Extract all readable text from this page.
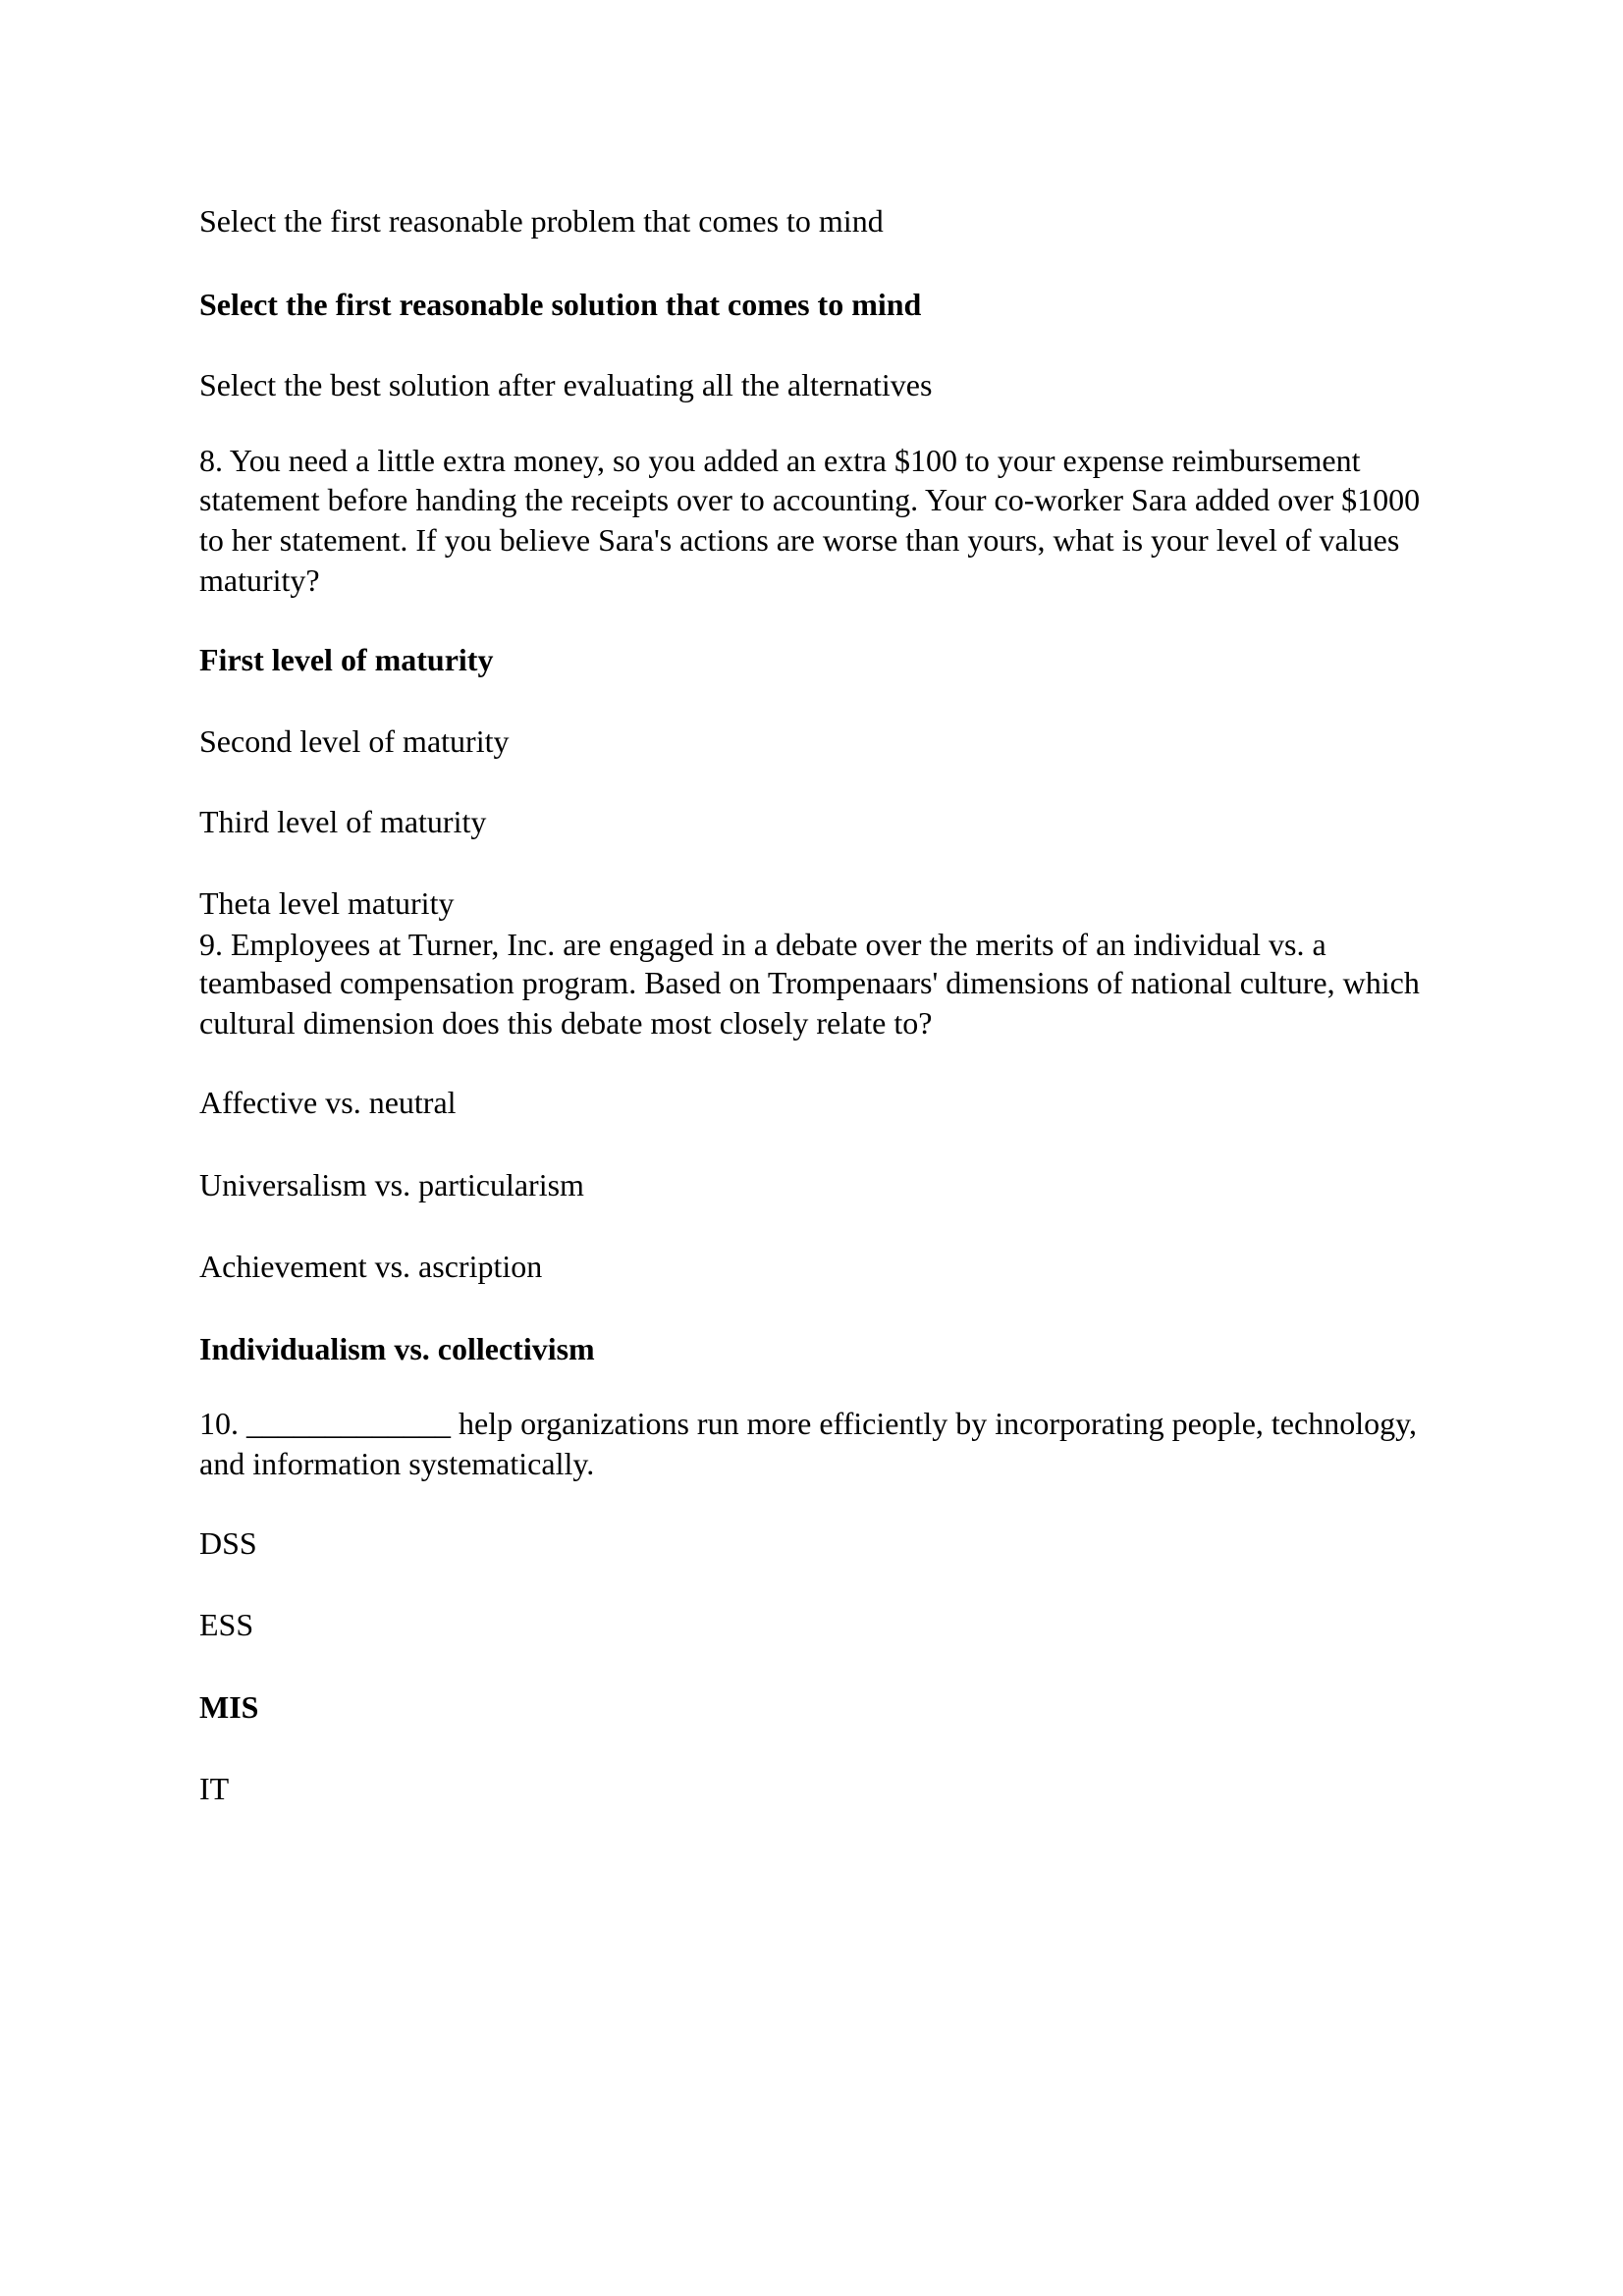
Select the first reasonable problem that comes to mind

Select the first reasonable solution that comes to mind

Select the best solution after evaluating all the alternatives

8. You need a little extra money, so you added an extra $100 to your expense reimbursement

statement before handing the receipts over to accounting. Your co-worker Sara added over $1000

to her statement. If you believe Sara's actions are worse than yours, what is your level of values

maturity?

First level of maturity

Second level of maturity

Third level of maturity

Theta level maturity

9. Employees at Turner, Inc. are engaged in a debate over the merits of an individual vs. a

teambased compensation program. Based on Trompenaars' dimensions of national culture, which

cultural dimension does this debate most closely relate to?

Affective vs. neutral

Universalism vs. particularism

Achievement vs. ascription

Individualism vs. collectivism

10. _____________ help organizations run more efficiently by incorporating people, technology,

and information systematically.

DSS

ESS

MIS

IT
